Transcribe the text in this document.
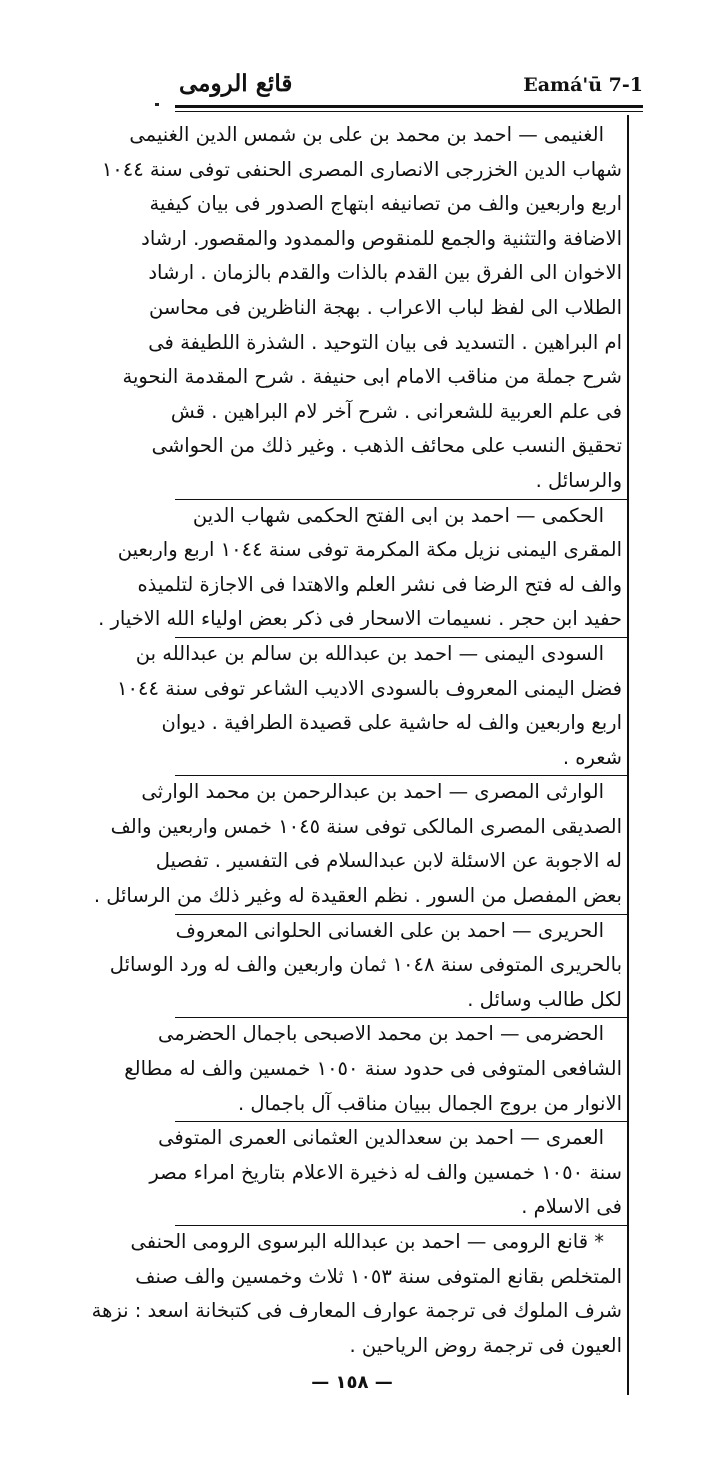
قائع الرومى	Eamá'ū 7-1
الغنيمى — احمد بن محمد بن على بن شمس الدين الغنيمى
شهاب الدين الخزرجى الانصارى المصرى الحنفى توفى سنة ١٠٤٤
اربع واربعين والف من تصانيفه ابتهاج الصدور فى بيان كيفية
الاضافة والتثنية والجمع للمنقوص والممدود والمقصور. ارشاد
الاخوان الى الفرق بين القدم بالذات والقدم بالزمان . ارشاد
الطلاب الى لفظ لباب الاعراب . بهجة الناظرين فى محاسن
ام البراهين . التسديد فى بيان التوحيد . الشذرة اللطيفة فى
شرح جملة من مناقب الامام ابى حنيفة . شرح المقدمة النحوية
فى علم العربية للشعرانى . شرح آخر لام البراهين . قش
تحقيق النسب على محائف الذهب . وغير ذلك من الحواشى
والرسائل .
الحكمى — احمد بن ابى الفتح الحكمى شهاب الدين
المقرى اليمنى نزيل مكة المكرمة توفى سنة ١٠٤٤ اربع واربعين
والف له فتح الرضا فى نشر العلم والاهتدا فى الاجازة لتلميذه
حفيد ابن حجر . نسيمات الاسحار فى ذكر بعض اولياء الله الاخيار .
السودى اليمنى — احمد بن عبدالله بن سالم بن عبدالله بن
فضل اليمنى المعروف بالسودى الاديب الشاعر توفى سنة ١٠٤٤
اربع واربعين والف له حاشية على قصيدة الطرافية . ديوان
شعره .
الوارثى المصرى — احمد بن عبدالرحمن بن محمد الوارثى
الصديقى المصرى المالكى توفى سنة ١٠٤٥ خمس واربعين والف
له الاجوبة عن الاسئلة لابن عبدالسلام فى التفسير . تفصيل
بعض المفصل من السور . نظم العقيدة له وغير ذلك من الرسائل .
الحريرى — احمد بن على الغسانى الحلوانى المعروف
بالحريرى المتوفى سنة ١٠٤٨ ثمان واربعين والف له ورد الوسائل
لكل طالب وسائل .
الحضرمى — احمد بن محمد الاصبحى باجمال الحضرمى
الشافعى المتوفى فى حدود سنة ١٠٥٠ خمسين والف له مطالع
الانوار من بروج الجمال ببيان مناقب آل باجمال .
العمرى — احمد بن سعدالدين العثمانى العمرى المتوفى
سنة ١٠٥٠ خمسين والف له ذخيرة الاعلام بتاريخ امراء مصر
فى الاسلام .
* قانع الرومى — احمد بن عبدالله البرسوى الرومى الحنفى
المتخلص بقانع المتوفى سنة ١٠٥٣ ثلاث وخمسين والف صنف
شرف الملوك فى ترجمة عوارف المعارف فى كتبخانة اسعد : نزهة
العيون فى ترجمة روض الرياحين .
— ١٥٨ —
